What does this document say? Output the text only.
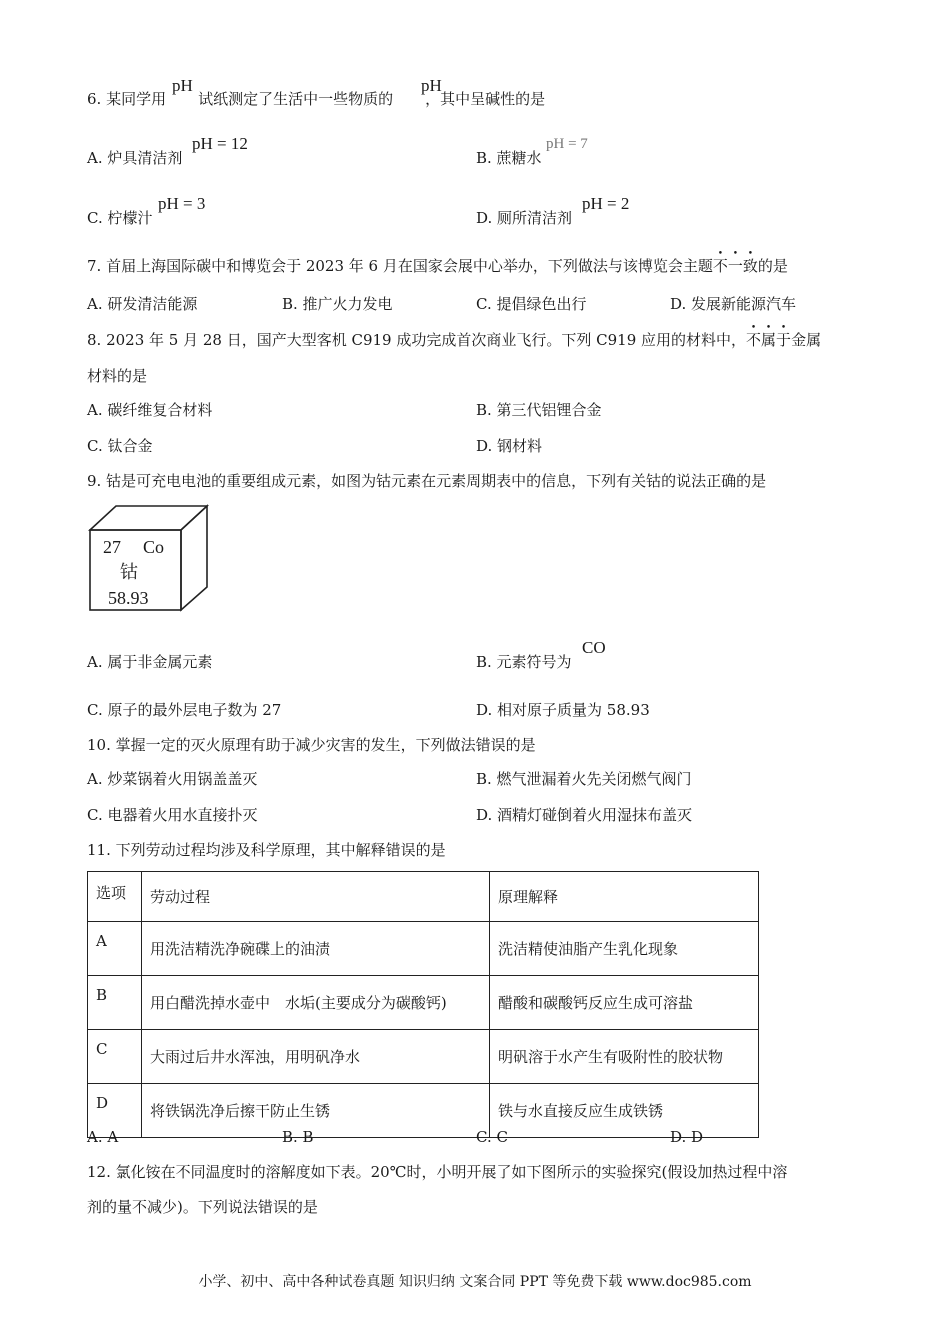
6. 某同学用 试纸测定了生活中一些物质的 ，其中呈碱性的是
pH	pH
A. 炉具清洁剂
pH = 12
B. 蔗糖水
pH = 7
C. 柠檬汁
pH = 3
D. 厕所清洁剂
pH = 2
7. 首届上海国际碳中和博览会于 2023 年 6 月在国家会展中心举办，下列做法与该博览会主题不一致的是
A. 研发清洁能源	B. 推广火力发电	C. 提倡绿色出行	D. 发展新能源汽车
8. 2023 年 5 月 28 日，国产大型客机 C919 成功完成首次商业飞行。下列 C919 应用的材料中，不属于金属
材料的是
A. 碳纤维复合材料	B. 第三代铝锂合金
C. 钛合金	D. 钢材料
9. 钴是可充电电池的重要组成元素，如图为钴元素在元素周期表中的信息，下列有关钴的说法正确的是
27 Co
钴
58.93
A. 属于非金属元素	B. 元素符号为
CO
C. 原子的最外层电子数为 27	D. 相对原子质量为 58.93
10. 掌握一定的灭火原理有助于减少灾害的发生，下列做法错误的是
A. 炒菜锅着火用锅盖盖灭	B. 燃气泄漏着火先关闭燃气阀门
C. 电器着火用水直接扑灭	D. 酒精灯碰倒着火用湿抹布盖灭
11. 下列劳动过程均涉及科学原理，其中解释错误的是
选项	劳动过程	原理解释
A	用洗洁精洗净碗碟上的油渍	洗洁精使油脂产生乳化现象
B	用白醋洗掉水壶中　水垢(主要成分为碳酸钙)	醋酸和碳酸钙反应生成可溶盐
C	大雨过后井水浑浊，用明矾净水	明矾溶于水产生有吸附性的胶状物
D	将铁锅洗净后擦干防止生锈	铁与水直接反应生成铁锈
A. A	B. B	C. C	D. D
12. 氯化铵在不同温度时的溶解度如下表。20℃时，小明开展了如下图所示的实验探究(假设加热过程中溶
剂的量不减少)。下列说法错误的是
小学、初中、高中各种试卷真题 知识归纳 文案合同 PPT 等免费下载 www.doc985.com
